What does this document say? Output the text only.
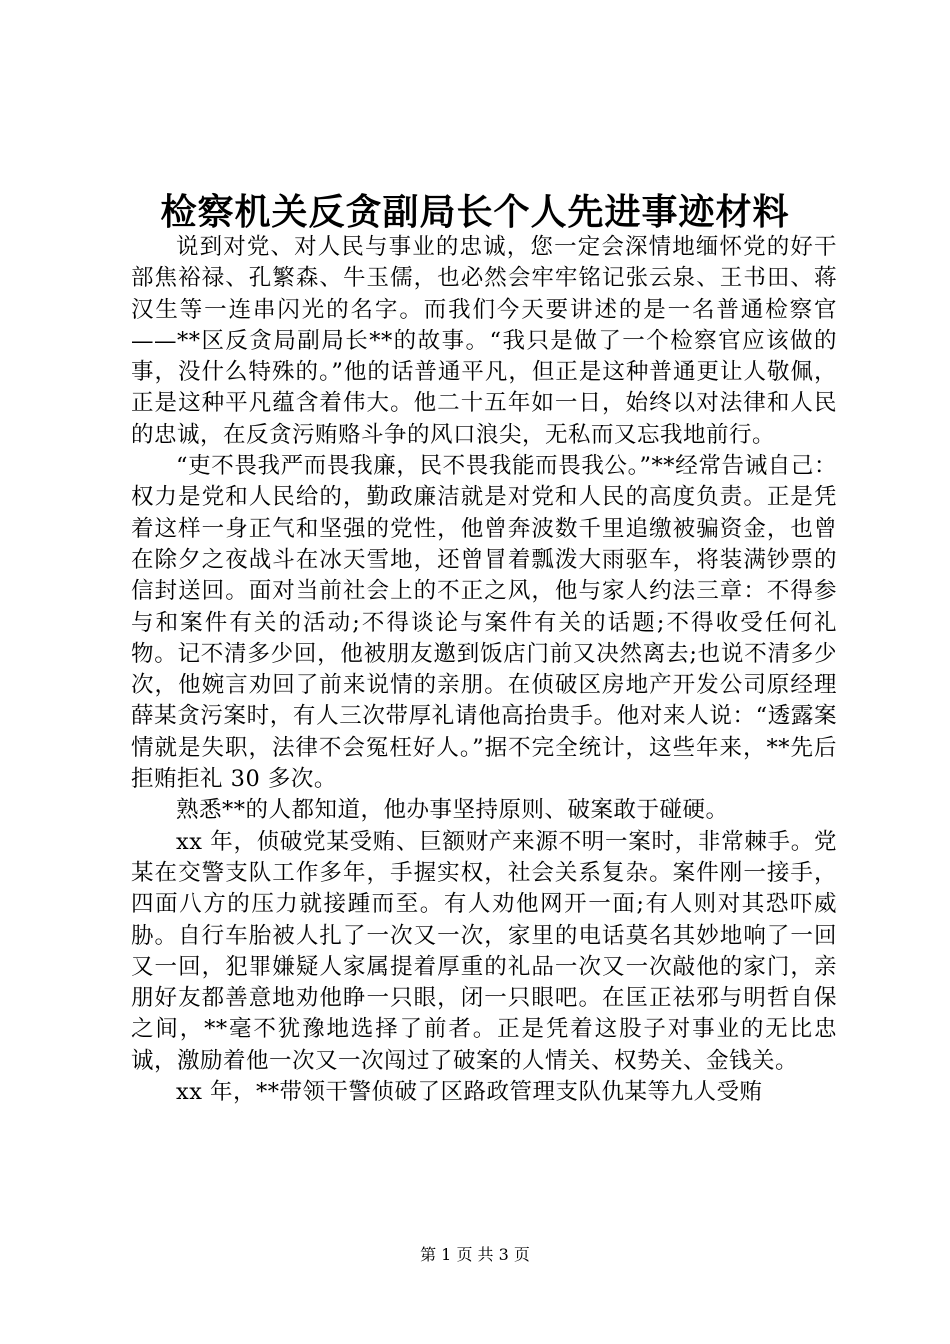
检察机关反贪副局长个人先进事迹材料

说到对党、对人民与事业的忠诚，您一定会深情地缅怀党的好干部焦裕禄、孔繁森、牛玉儒，也必然会牢牢铭记张云泉、王书田、蒋汉生等一连串闪光的名字。而我们今天要讲述的是一名普通检察官——**区反贪局副局长**的故事。“我只是做了一个检察官应该做的事，没什么特殊的。”他的话普通平凡，但正是这种普通更让人敬佩，正是这种平凡蕴含着伟大。他二十五年如一日，始终以对法律和人民的忠诚，在反贪污贿赂斗争的风口浪尖，无私而又忘我地前行。

“吏不畏我严而畏我廉，民不畏我能而畏我公。”**经常告诫自己：权力是党和人民给的，勤政廉洁就是对党和人民的高度负责。正是凭着这样一身正气和坚强的党性，他曾奔波数千里追缴被骗资金，也曾在除夕之夜战斗在冰天雪地，还曾冒着瓢泼大雨驱车，将装满钞票的信封送回。面对当前社会上的不正之风，他与家人约法三章：不得参与和案件有关的活动;不得谈论与案件有关的话题;不得收受任何礼物。记不清多少回，他被朋友邀到饭店门前又决然离去;也说不清多少次，他婉言劝回了前来说情的亲朋。在侦破区房地产开发公司原经理薛某贪污案时，有人三次带厚礼请他高抬贵手。他对来人说：“透露案情就是失职，法律不会冤枉好人。”据不完全统计，这些年来，**先后拒贿拒礼 30 多次。

熟悉**的人都知道，他办事坚持原则、破案敢于碰硬。

xx 年，侦破党某受贿、巨额财产来源不明一案时，非常棘手。党某在交警支队工作多年，手握实权，社会关系复杂。案件刚一接手，四面八方的压力就接踵而至。有人劝他网开一面;有人则对其恐吓威胁。自行车胎被人扎了一次又一次，家里的电话莫名其妙地响了一回又一回，犯罪嫌疑人家属提着厚重的礼品一次又一次敲他的家门，亲朋好友都善意地劝他睁一只眼，闭一只眼吧。在匡正祛邪与明哲自保之间，**毫不犹豫地选择了前者。正是凭着这股子对事业的无比忠诚，激励着他一次又一次闯过了破案的人情关、权势关、金钱关。

xx 年，**带领干警侦破了区路政管理支队仇某等九人受贿

第 1 页 共 3 页
